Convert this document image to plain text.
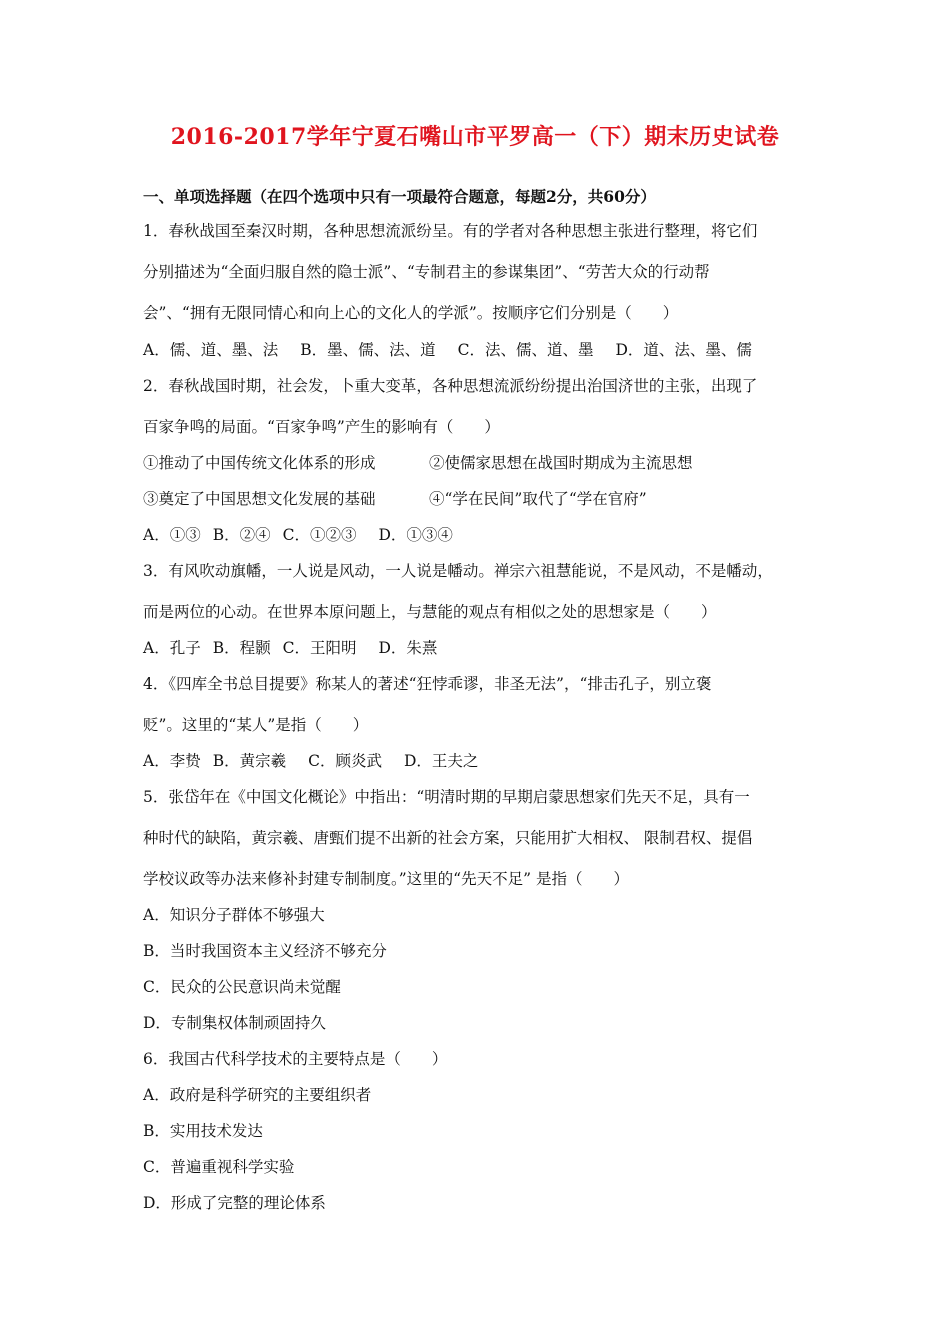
2016-2017学年宁夏石嘴山市平罗高一（下）期末历史试卷
一、单项选择题（在四个选项中只有一项最符合题意，每题2分，共60分）
1．春秋战国至秦汉时期，各种思想流派纷呈。有的学者对各种思想主张进行整理，将它们
分别描述为“全面归服自然的隐士派”、“专制君主的参谋集团”、“劳苦大众的行动帮
会”、“拥有无限同情心和向上心的文化人的学派”。按顺序它们分别是（　　）
A．儒、道、墨、法 B．墨、儒、法、道 C．法、儒、道、墨 D．道、法、墨、儒
2．春秋战国时期，社会发，卜重大变革，各种思想流派纷纷提出治国济世的主张，出现了
百家争鸣的局面。“百家争鸣”产生的影响有（　　）
①推动了中国传统文化体系的形成	②使儒家思想在战国时期成为主流思想
③奠定了中国思想文化发展的基础	④“学在民间”取代了“学在官府”
A．①③ B．②④ C．①②③ D．①③④
3．有风吹动旗幡，一人说是风动，一人说是幡动。禅宗六祖慧能说，不是风动，不是幡动，
而是两位的心动。在世界本原问题上，与慧能的观点有相似之处的思想家是（　　）
A．孔子 B．程颢 C．王阳明 D．朱熹
4．《四库全书总目提要》称某人的著述“狂悖乖谬，非圣无法”，“排击孔子，别立褒
贬”。这里的“某人”是指（　　）
A．李贽 B．黄宗羲 C．顾炎武 D．王夫之
5．张岱年在《中国文化概论》中指出：“明清时期的早期启蒙思想家们先天不足，具有一
种时代的缺陷，黄宗羲、唐甄们提不出新的社会方案，只能用扩大相权、 限制君权、提倡
学校议政等办法来修补封建专制制度。”这里的“先天不足” 是指（　　）
A．知识分子群体不够强大
B．当时我国资本主义经济不够充分
C．民众的公民意识尚未觉醒
D．专制集权体制顽固持久
6．我国古代科学技术的主要特点是（　　）
A．政府是科学研究的主要组织者
B．实用技术发达
C．普遍重视科学实验
D．形成了完整的理论体系
